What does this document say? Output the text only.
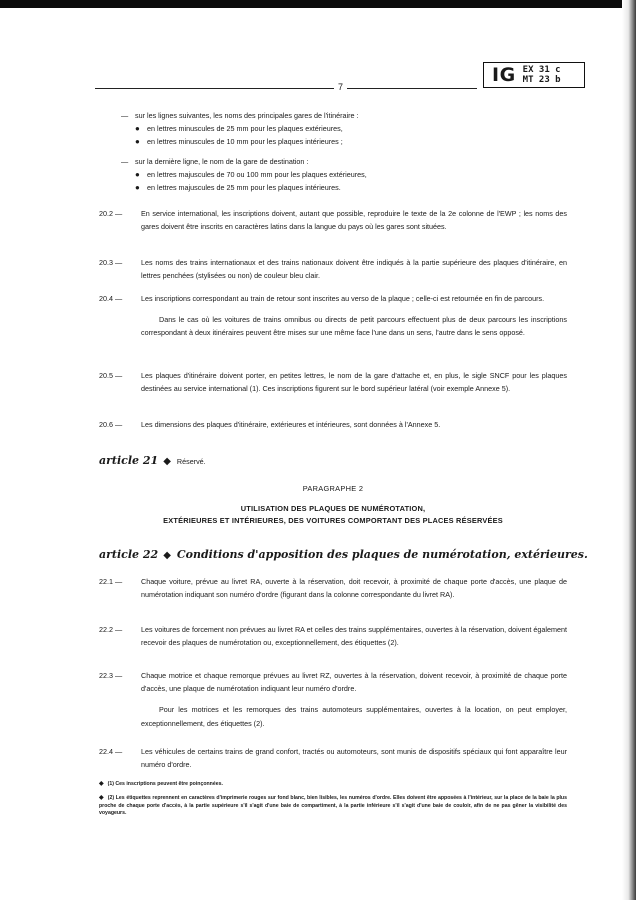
7
IG EX 31 c
MT 23 b
— sur les lignes suivantes, les noms des principales gares de l'itinéraire :
● en lettres minuscules de 25 mm pour les plaques extérieures,
● en lettres minuscules de 10 mm pour les plaques intérieures ;
— sur la dernière ligne, le nom de la gare de destination :
● en lettres majuscules de 70 ou 100 mm pour les plaques extérieures,
● en lettres majuscules de 25 mm pour les plaques intérieures.
20.2 —	En service international, les inscriptions doivent, autant que possible, reproduire le texte de la 2e colonne de l'EWP ; les noms des gares doivent être inscrits en caractères latins dans la langue du pays où les gares sont situées.

20.3 —	Les noms des trains internationaux et des trains nationaux doivent être indiqués à la partie supérieure des plaques d'itinéraire, en lettres penchées (stylisées ou non) de couleur bleu clair.

20.4 —	Les inscriptions correspondant au train de retour sont inscrites au verso de la plaque ; celle-ci est retournée en fin de parcours.

Dans le cas où les voitures de trains omnibus ou directs de petit parcours effectuent plus de deux parcours les inscriptions correspondant à deux itinéraires peuvent être mises sur une même face l'une dans un sens, l'autre dans le sens opposé.

20.5 —	Les plaques d'itinéraire doivent porter, en petites lettres, le nom de la gare d'attache et, en plus, le sigle SNCF pour les plaques destinées au service international (1). Ces inscriptions figurent sur le bord supérieur latéral (voir exemple Annexe 5).

20.6 —	Les dimensions des plaques d'itinéraire, extérieures et intérieures, sont données à l'Annexe 5.

article 21 ◆ Réservé.
PARAGRAPHE 2
UTILISATION DES PLAQUES DE NUMÉROTATION,
EXTÉRIEURES ET INTÉRIEURES, DES VOITURES COMPORTANT DES PLACES RÉSERVÉES
article 22 ◆ Conditions d'apposition des plaques de numérotation, extérieures.
22.1 —	Chaque voiture, prévue au livret RA, ouverte à la réservation, doit recevoir, à proximité de chaque porte d'accès, une plaque de numérotation indiquant son numéro d'ordre (figurant dans la colonne correspondante du livret RA).

22.2 —	Les voitures de forcement non prévues au livret RA et celles des trains supplémentaires, ouvertes à la réservation, doivent également recevoir des plaques de numérotation ou, exceptionnellement, des étiquettes (2).

22.3 —	Chaque motrice et chaque remorque prévues au livret RZ, ouvertes à la réservation, doivent recevoir, à proximité de chaque porte d'accès, une plaque de numérotation indiquant leur numéro d'ordre.

Pour les motrices et les remorques des trains automoteurs supplémentaires, ouvertes à la location, on peut employer, exceptionnellement, des étiquettes (2).

22.4 —	Les véhicules de certains trains de grand confort, tractés ou automoteurs, sont munis de dispositifs spéciaux qui font apparaître leur numéro d'ordre.

◆ (1) Ces inscriptions peuvent être poinçonnées.
◆ (2) Les étiquettes reprennent en caractères d'imprimerie rouges sur fond blanc, bien lisibles, les numéros d'ordre. Elles doivent être apposées à l'intérieur, sur la place de la baie la plus proche de chaque porte d'accès, à la partie supérieure s'il s'agit d'une baie de compartiment, à la partie inférieure s'il s'agit d'une baie de couloir, afin de ne pas gêner la visibilité des voyageurs.
